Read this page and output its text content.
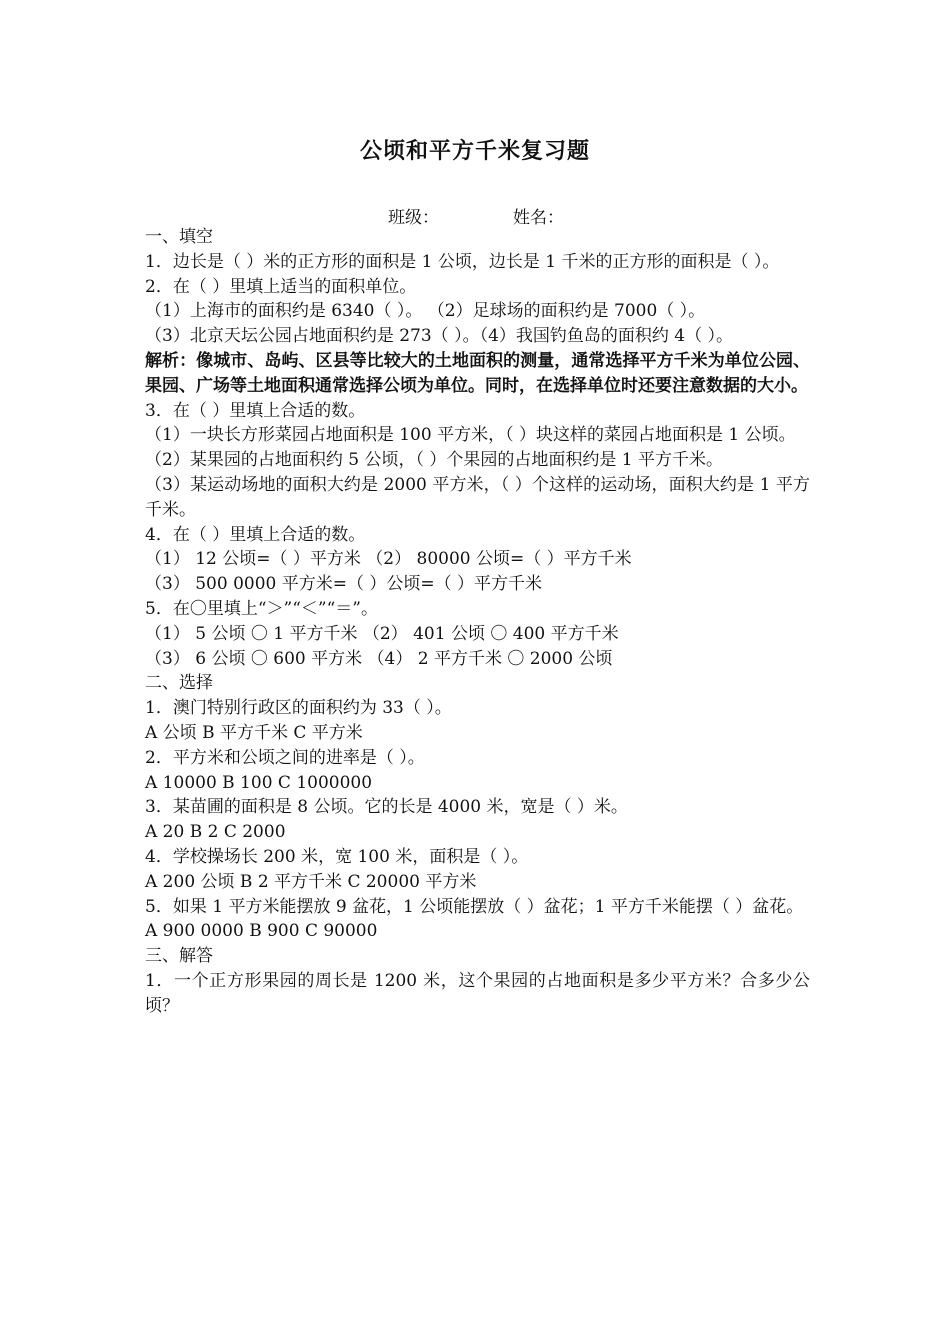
公顷和平方千米复习题
班级：	姓名：
一、填空
1．边长是（ ）米的正方形的面积是 1 公顷，边长是 1 千米的正方形的面积是（ ）。
2．在（ ）里填上适当的面积单位。
（1）上海市的面积约是 6340（ ）。 （2）足球场的面积约是 7000（ ）。
（3）北京天坛公园占地面积约是 273（ ）。（4）我国钓鱼岛的面积约 4（ ）。
解析：像城市、岛屿、区县等比较大的土地面积的测量，通常选择平方千米为单位公园、果园、广场等土地面积通常选择公顷为单位。同时，在选择单位时还要注意数据的大小。
3．在（ ）里填上合适的数。
（1）一块长方形菜园占地面积是 100 平方米，（ ）块这样的菜园占地面积是 1 公顷。
（2）某果园的占地面积约 5 公顷，（ ）个果园的占地面积约是 1 平方千米。
（3）某运动场地的面积大约是 2000 平方米，（ ）个这样的运动场，面积大约是 1 平方千米。
4．在（ ）里填上合适的数。
（1） 12 公顷=（ ）平方米 （2） 80000 公顷=（ ）平方千米
（3） 500 0000 平方米=（ ）公顷=（ ）平方千米
5．在〇里填上“＞”“＜”“＝”。
（1） 5 公顷 〇 1 平方千米 （2） 401 公顷 〇 400 平方千米
（3） 6 公顷 〇 600 平方米 （4） 2 平方千米 〇 2000 公顷
二、选择
1．澳门特别行政区的面积约为 33（ ）。
A 公顷 B 平方千米 C 平方米
2．平方米和公顷之间的进率是（ ）。
A 10000 B 100 C 1000000
3．某苗圃的面积是 8 公顷。它的长是 4000 米，宽是（ ）米。
A 20 B 2 C 2000
4．学校操场长 200 米，宽 100 米，面积是（ ）。
A 200 公顷 B 2 平方千米 C 20000 平方米
5．如果 1 平方米能摆放 9 盆花，1 公顷能摆放（ ）盆花；1 平方千米能摆（ ）盆花。
A 900 0000 B 900 C 90000
三、解答
1．一个正方形果园的周长是 1200 米，这个果园的占地面积是多少平方米？合多少公顷？
